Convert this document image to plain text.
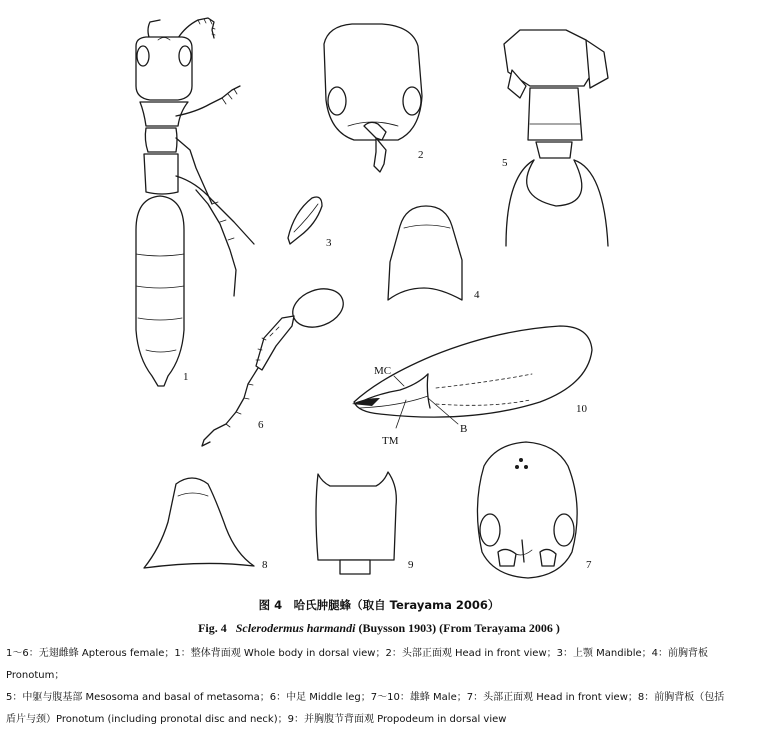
1
2
5
3
4
6
MC
TM
B
10
8	9	7
图 4　哈氏肿腿蜂（取自 Terayama 2006）
Fig. 4 Sclerodermus harmandi (Buysson 1903) (From Terayama 2006 )
1～6：无翅雌蜂 Apterous female；1：整体背面观 Whole body in dorsal view；2：头部正面观 Head in front view；3：上颚 Mandible；4：前胸背板 Pronotum；
5：中躯与腹基部 Mesosoma and basal of metasoma；6：中足 Middle leg；7～10：雄蜂 Male；7：头部正面观 Head in front view；8：前胸背板（包括
盾片与颈）Pronotum (including pronotal disc and neck)；9：并胸腹节背面观 Propodeum in dorsal view
